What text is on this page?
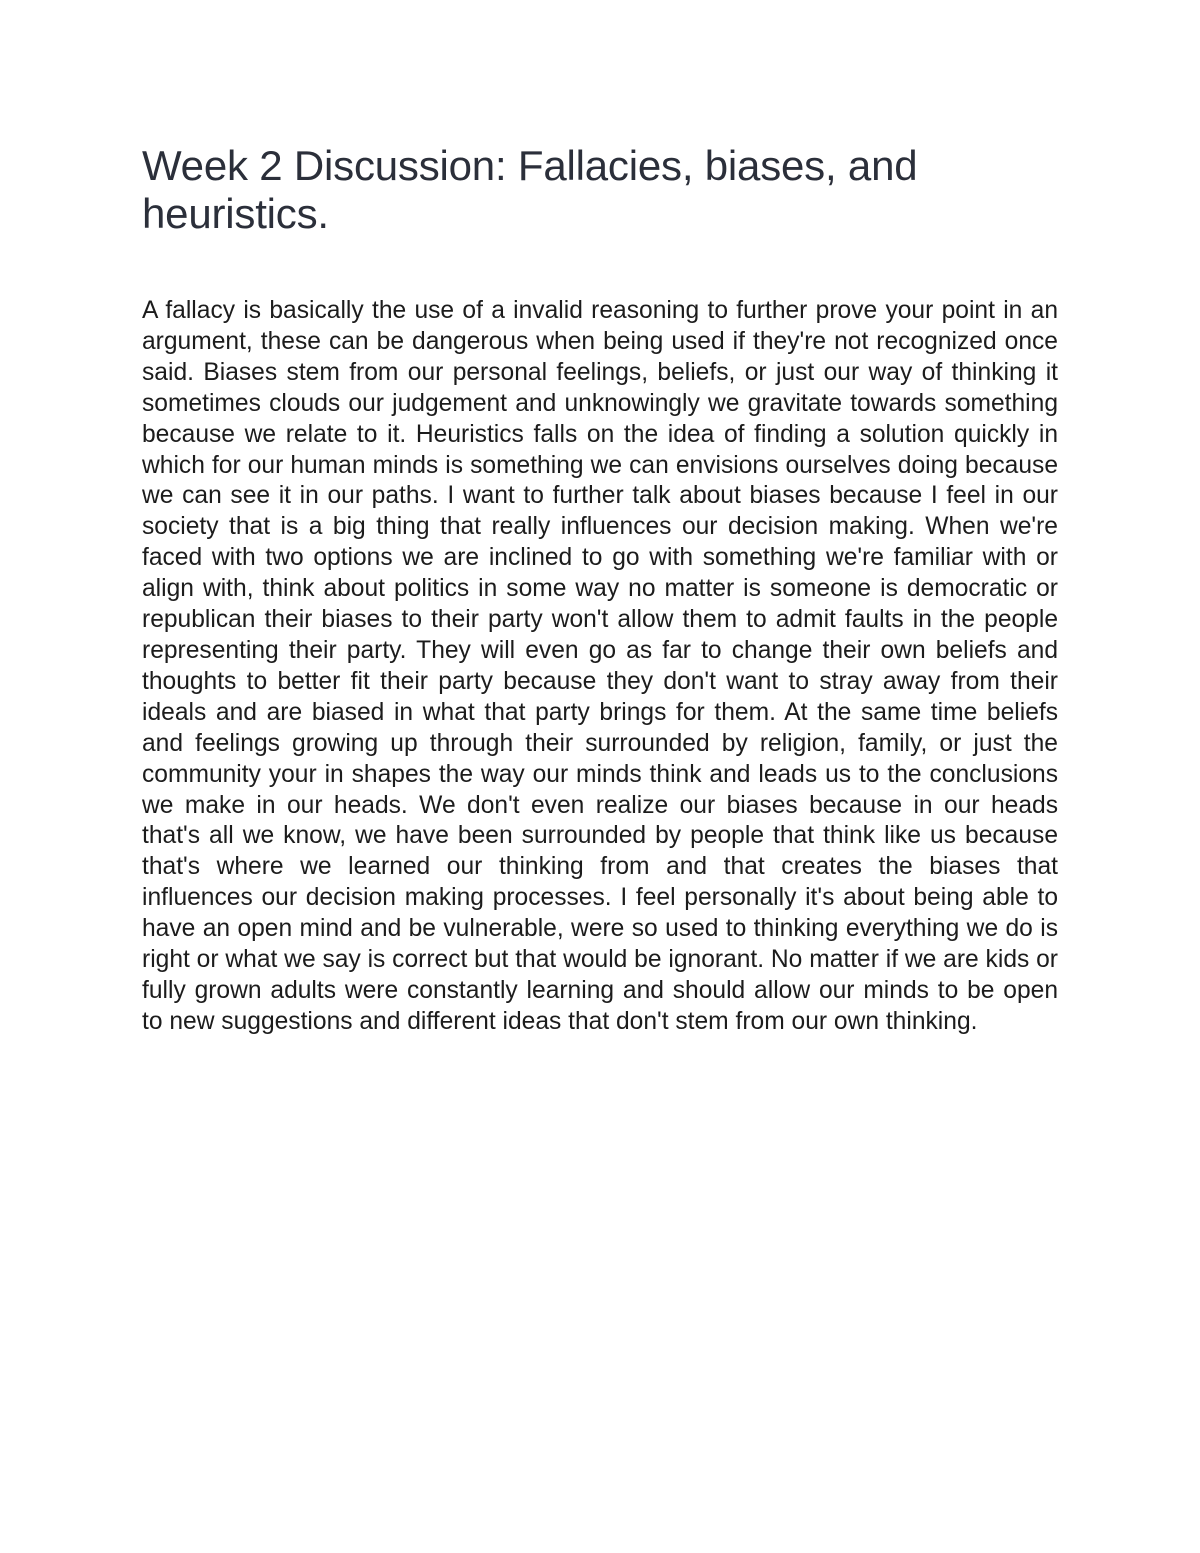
Week 2 Discussion: Fallacies, biases, and heuristics.

A fallacy is basically the use of a invalid reasoning to further prove your point in an argument, these can be dangerous when being used if they're not recognized once said. Biases stem from our personal feelings, beliefs, or just our way of thinking it sometimes clouds our judgement and unknowingly we gravitate towards something because we relate to it. Heuristics falls on the idea of finding a solution quickly in which for our human minds is something we can envisions ourselves doing because we can see it in our paths. I want to further talk about biases because I feel in our society that is a big thing that really influences our decision making. When we're faced with two options we are inclined to go with something we're familiar with or align with, think about politics in some way no matter is someone is democratic or republican their biases to their party won't allow them to admit faults in the people representing their party. They will even go as far to change their own beliefs and thoughts to better fit their party because they don't want to stray away from their ideals and are biased in what that party brings for them. At the same time beliefs and feelings growing up through their surrounded by religion, family, or just the community your in shapes the way our minds think and leads us to the conclusions we make in our heads. We don't even realize our biases because in our heads that's all we know, we have been surrounded by people that think like us because that's where we learned our thinking from and that creates the biases that influences our decision making processes. I feel personally it's about being able to have an open mind and be vulnerable, were so used to thinking everything we do is right or what we say is correct but that would be ignorant. No matter if we are kids or fully grown adults were constantly learning and should allow our minds to be open to new suggestions and different ideas that don't stem from our own thinking.
